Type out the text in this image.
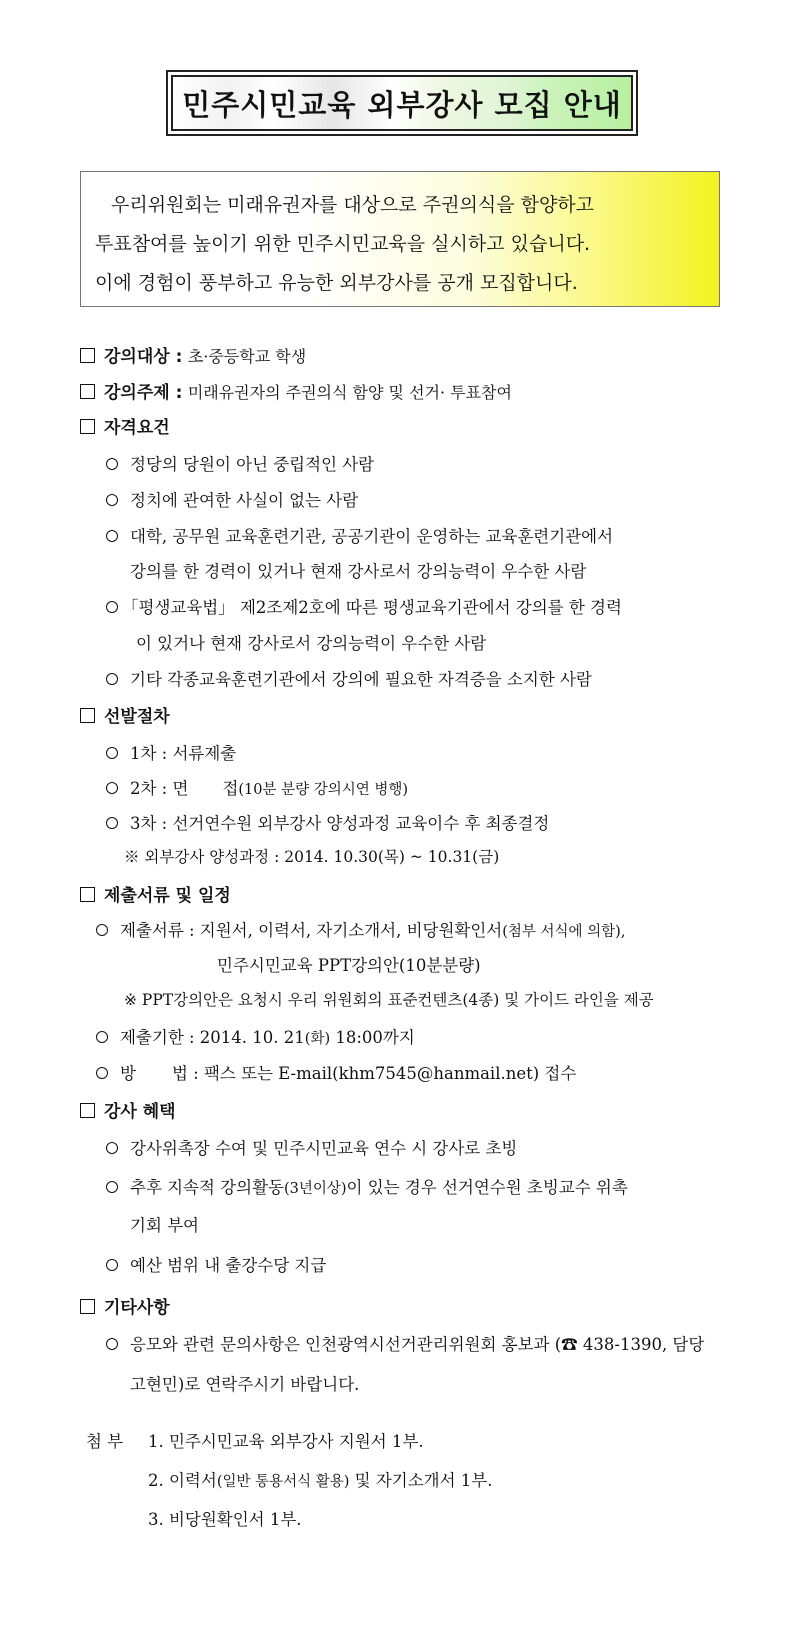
민주시민교육 외부강사 모집 안내
우리위원회는 미래유권자를 대상으로 주권의식을 함양하고
투표참여를 높이기 위한 민주시민교육을 실시하고 있습니다.
이에 경험이 풍부하고 유능한 외부강사를 공개 모집합니다.
강의대상 : 초·중등학교 학생
강의주제 : 미래유권자의 주권의식 함양 및 선거· 투표참여
자격요건
정당의 당원이 아닌 중립적인 사람
정치에 관여한 사실이 없는 사람
대학, 공무원 교육훈련기관, 공공기관이 운영하는 교육훈련기관에서
강의를 한 경력이 있거나 현재 강사로서 강의능력이 우수한 사람
「평생교육법」 제2조제2호에 따른 평생교육기관에서 강의를 한 경력
이 있거나 현재 강사로서 강의능력이 우수한 사람
기타 각종교육훈련기관에서 강의에 필요한 자격증을 소지한 사람
선발절차
1차 : 서류제출
2차 : 면 접(10분 분량 강의시연 병행)
3차 : 선거연수원 외부강사 양성과정 교육이수 후 최종결정
※ 외부강사 양성과정 : 2014. 10.30(목) ~ 10.31(금)
제출서류 및 일정
제출서류 : 지원서, 이력서, 자기소개서, 비당원확인서(첨부 서식에 의함),
민주시민교육 PPT강의안(10분분량)
※ PPT강의안은 요청시 우리 위원회의 표준컨텐츠(4종) 및 가이드 라인을 제공
제출기한 : 2014. 10. 21(화) 18:00까지
방 법 : 팩스 또는 E-mail(khm7545@hanmail.net) 접수
강사 혜택
강사위촉장 수여 및 민주시민교육 연수 시 강사로 초빙
추후 지속적 강의활동(3년이상)이 있는 경우 선거연수원 초빙교수 위촉
기회 부여
예산 범위 내 출강수당 지급
기타사항
응모와 관련 문의사항은 인천광역시선거관리위원회 홍보과 (☎ 438-1390, 담당
고현민)로 연락주시기 바랍니다.
첨 부 1. 민주시민교육 외부강사 지원서 1부.
2. 이력서(일반 통용서식 활용) 및 자기소개서 1부.
3. 비당원확인서 1부.
